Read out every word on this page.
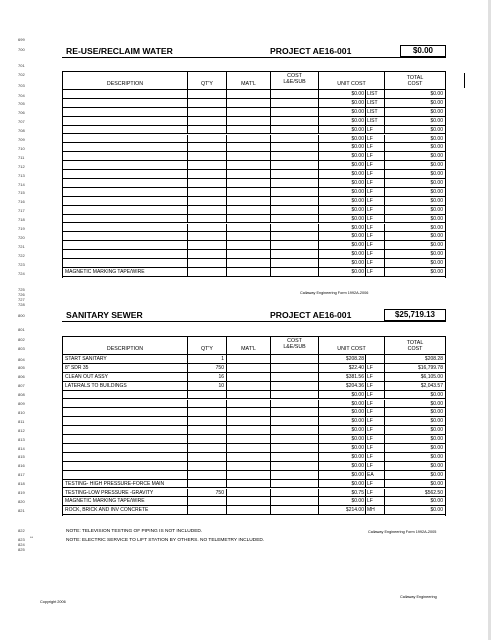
699
700
701
702
703
704
705
706
707
708
709
710
711
712
713
714
715
716
717
718
719
720
721
722
723
724
725
726
727
728
800
801
802
803
804
805
806
807
808
809
810
811
812
813
814
815
816
817
818
819
820
821
822
823
824
825
RE-USE/RECLAIM WATER	PROJECT AE16-001	$0.00
DESCRIPTION	QT'Y	MAT'L
COST
L&E/SUB	UNIT COST
TOTAL
COST
$0.00 LIST	$0.00
$0.00 LIST	$0.00
$0.00 LIST	$0.00
$0.00 LIST	$0.00
$0.00 LF	$0.00
$0.00 LF	$0.00
$0.00 LF	$0.00
$0.00 LF	$0.00
$0.00 LF	$0.00
$0.00 LF	$0.00
$0.00 LF	$0.00
$0.00 LF	$0.00
$0.00 LF	$0.00
$0.00 LF	$0.00
$0.00 LF	$0.00
$0.00 LF	$0.00
$0.00 LF	$0.00
$0.00 LF	$0.00
$0.00 LF	$0.00
$0.00 LF	$0.00
MAGNETIC MARKING TAPE/WIRE	$0.00 LF	$0.00
Callaway Engineering Form 1992A-2006
SANITARY SEWER	PROJECT AE16-001	$25,719.13
DESCRIPTION	QT'Y	MAT'L
COST
L&E/SUB	UNIT COST
TOTAL
COST
START SANITARY	1	$208.28	$208.28
8" SDR 35	750	$22.40 LF	$16,799.78
CLEAN OUT ASSY	16	$381.56 LF	$6,105.00
LATERALS TO BUILDINGS	10	$204.36 LF	$2,043.57
$0.00 LF	$0.00
$0.00 LF	$0.00
$0.00 LF	$0.00
$0.00 LF	$0.00
$0.00 LF	$0.00
$0.00 LF	$0.00
$0.00 LF	$0.00
$0.00 LF	$0.00
$0.00 LF	$0.00
$0.00 EA	$0.00
TESTING- HIGH PRESSURE-FORCE MAIN	$0.00 LF	$0.00
TESTING-LOW PRESSURE -GRAVITY	750	$0.75 LF	$562.50
MAGNETIC MARKING TAPE/WIRE	$0.00 LF	$0.00
ROCK, BRICK AND INV CONCRETE	$214.00 MH	$0.00
Callaway Engineering Form 1992A-2005
NOTE: TELEVISION TESTING OF PIPING IS NOT INCLUDED.
NOTE: ELECTRIC SERVICE TO LIFT STATION BY OTHERS. NO TELEMETRY INCLUDED.
**
Copyright 2006
Callaway Engineering
